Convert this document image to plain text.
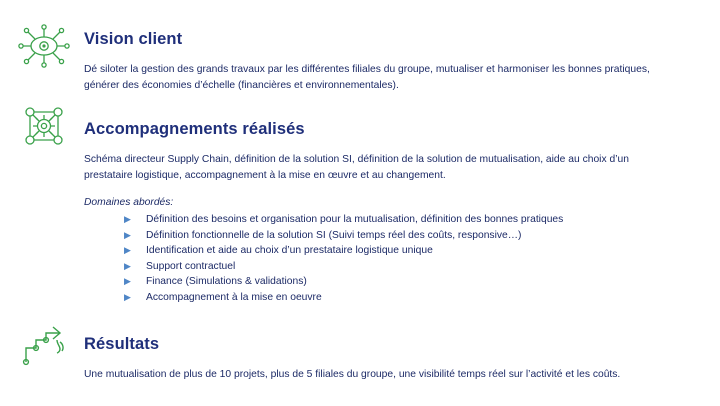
Vision client

Dé siloter la gestion des grands travaux par les différentes filiales du groupe, mutualiser et harmoniser les bonnes pratiques, générer des économies d’échelle (financières et environnementales).

Accompagnements réalisés

Schéma directeur Supply Chain, définition de la solution SI, définition de la solution de mutualisation, aide au choix d’un prestataire logistique, accompagnement à la mise en œuvre et au changement.

Domaines abordés:

▶ Définition des besoins et organisation pour la mutualisation, définition des bonnes pratiques
▶ Définition fonctionnelle de la solution SI (Suivi temps réel des coûts, responsive…)
▶ Identification et aide au choix d’un prestataire logistique unique
▶ Support contractuel
▶ Finance (Simulations & validations)
▶ Accompagnement à la mise en oeuvre
Résultats

Une mutualisation de plus de 10 projets, plus de 5 filiales du groupe, une visibilité temps réel sur l’activité et les coûts.
